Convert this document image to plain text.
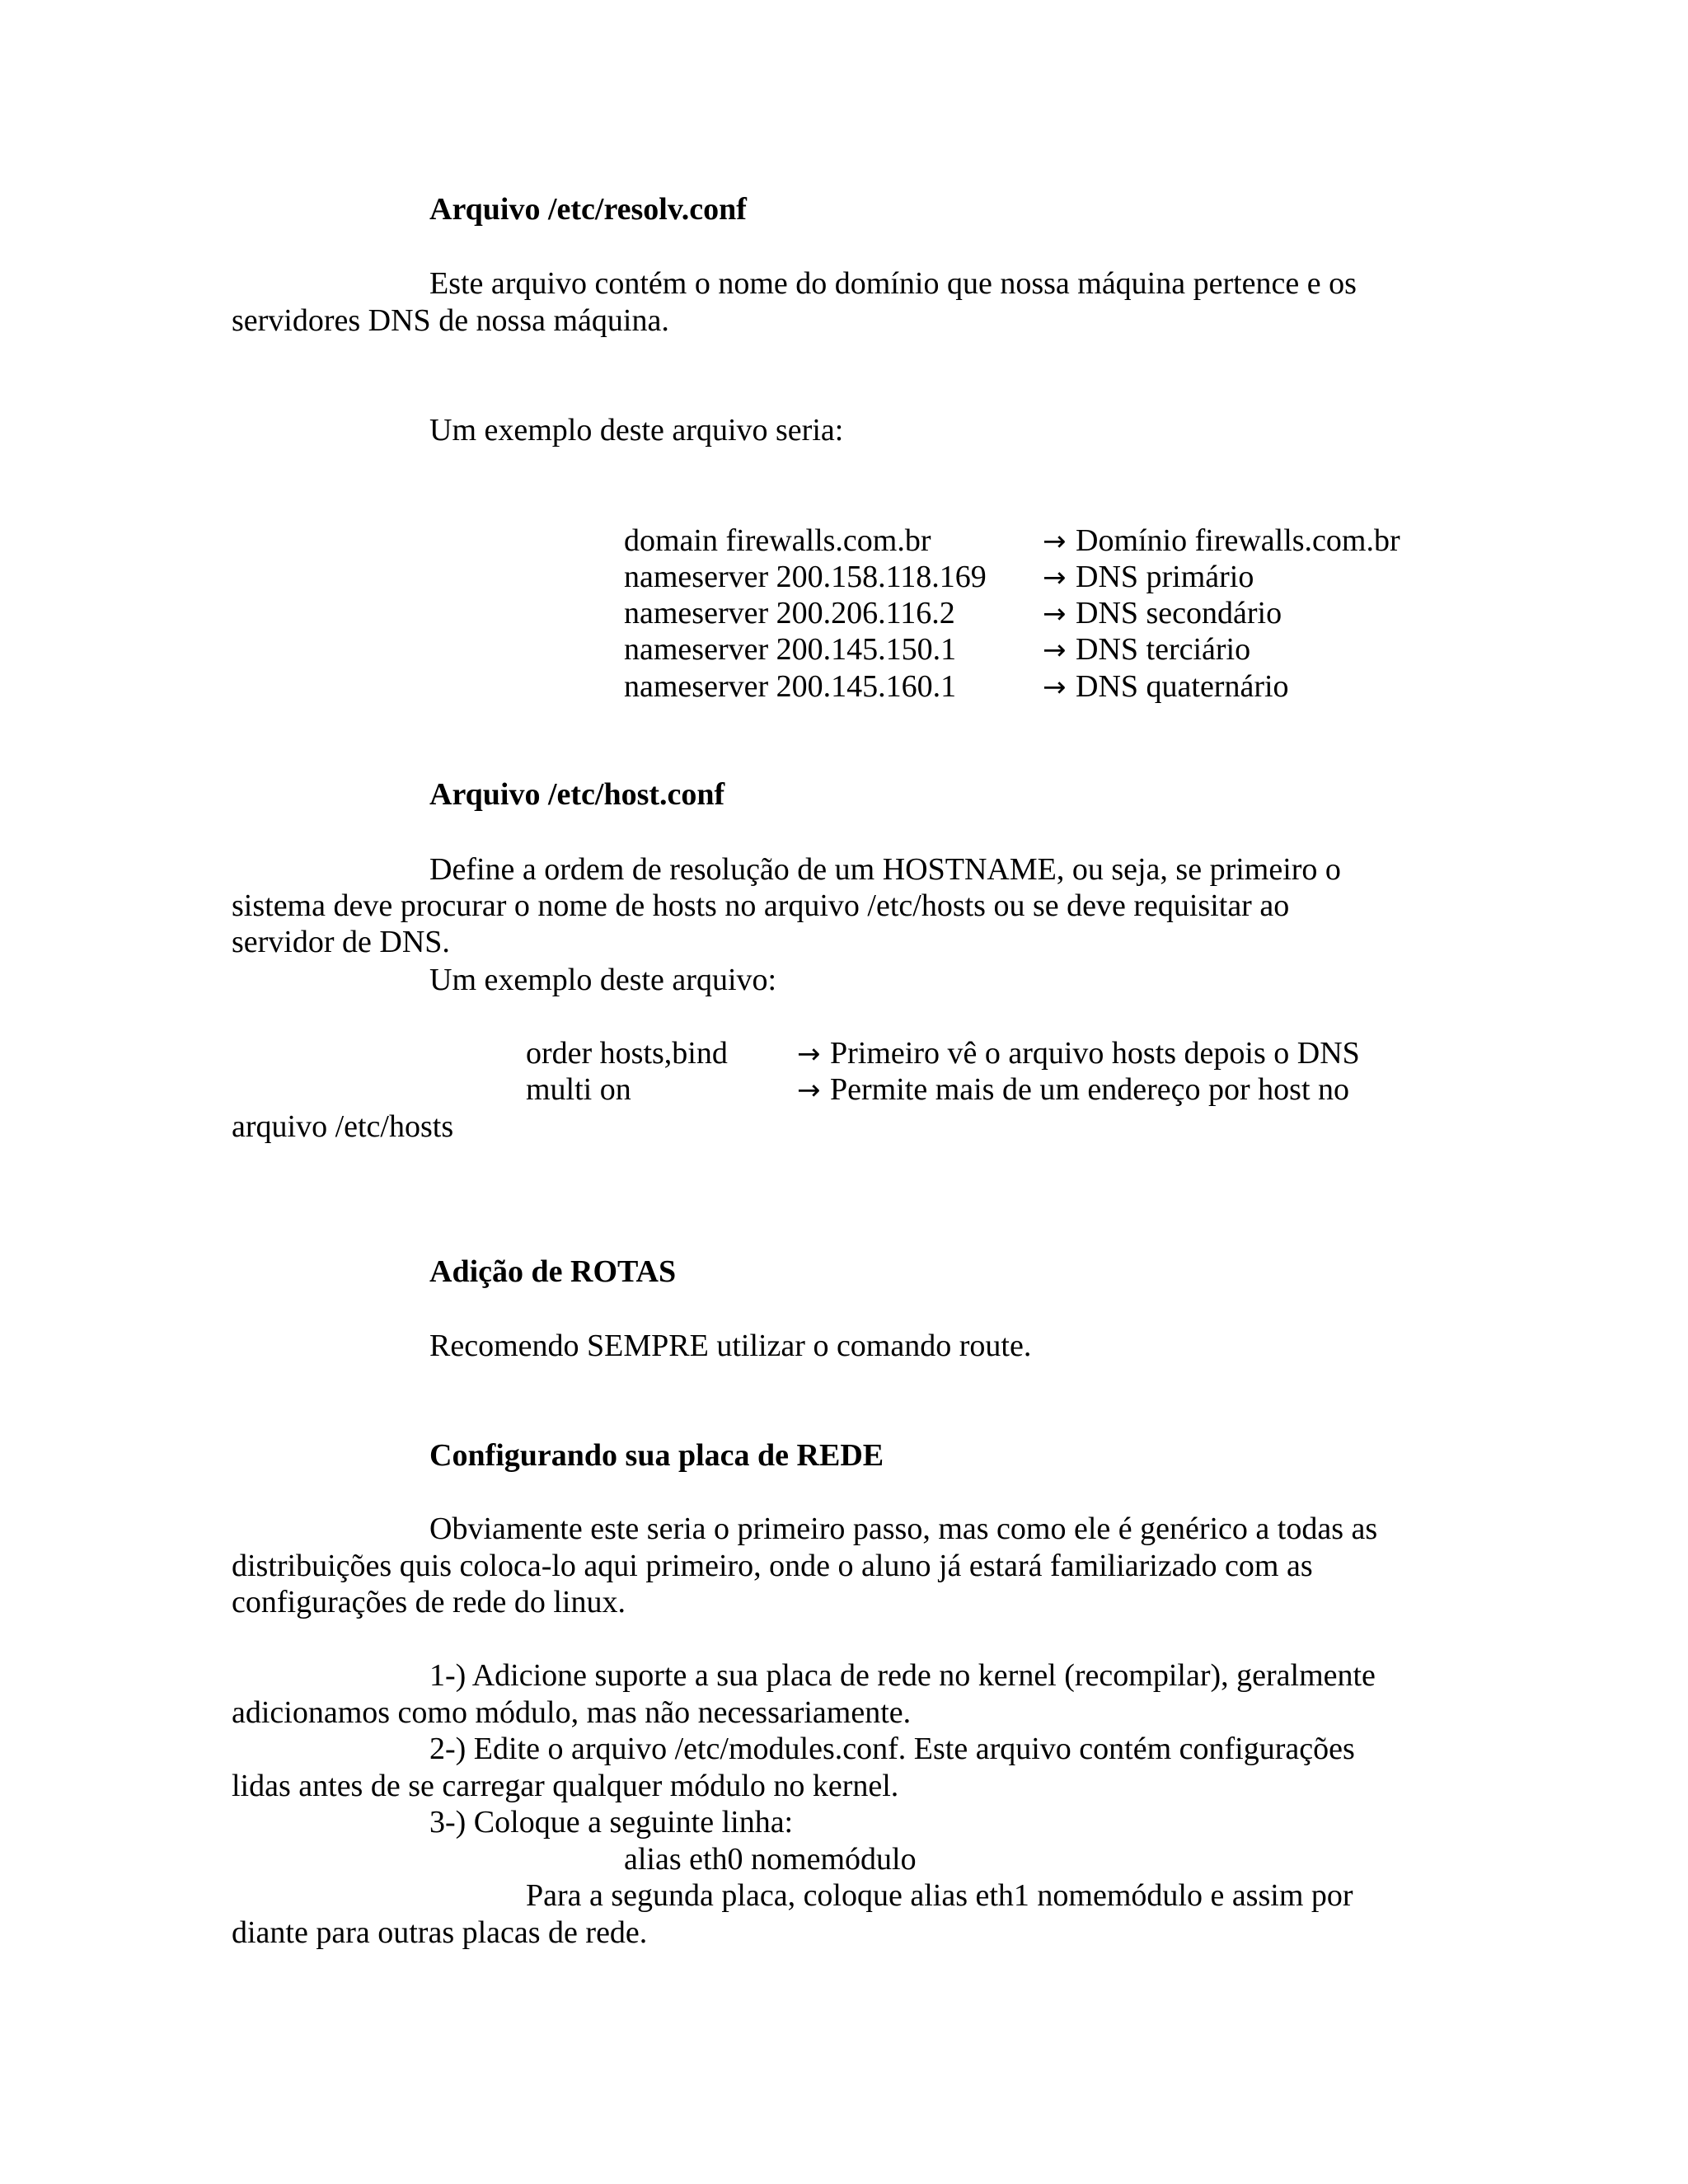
Arquivo /etc/resolv.conf
Este arquivo contém o nome do domínio que nossa máquina pertence e os
servidores DNS de nossa máquina.
Um exemplo deste arquivo seria:
domain firewalls.com.br	→ Domínio firewalls.com.br
nameserver 200.158.118.169 → DNS primário
nameserver 200.206.116.2	→ DNS secondário
nameserver 200.145.150.1	→ DNS terciário
nameserver 200.145.160.1	→ DNS quaternário
Arquivo /etc/host.conf
Define a ordem de resolução de um HOSTNAME, ou seja, se primeiro o
sistema deve procurar o nome de hosts no arquivo /etc/hosts ou se deve requisitar ao
servidor de DNS.
Um exemplo deste arquivo:
order hosts,bind → Primeiro vê o arquivo hosts depois o DNS
multi on	→ Permite mais de um endereço por host no
arquivo /etc/hosts
Adição de ROTAS
Recomendo SEMPRE utilizar o comando route.
Configurando sua placa de REDE
Obviamente este seria o primeiro passo, mas como ele é genérico a todas as
distribuições quis coloca-lo aqui primeiro, onde o aluno já estará familiarizado com as
configurações de rede do linux.
1-) Adicione suporte a sua placa de rede no kernel (recompilar), geralmente
adicionamos como módulo, mas não necessariamente.
2-) Edite o arquivo /etc/modules.conf. Este arquivo contém configurações
lidas antes de se carregar qualquer módulo no kernel.
3-) Coloque a seguinte linha:
alias eth0 nomemódulo
Para a segunda placa, coloque alias eth1 nomemódulo e assim por
diante para outras placas de rede.
